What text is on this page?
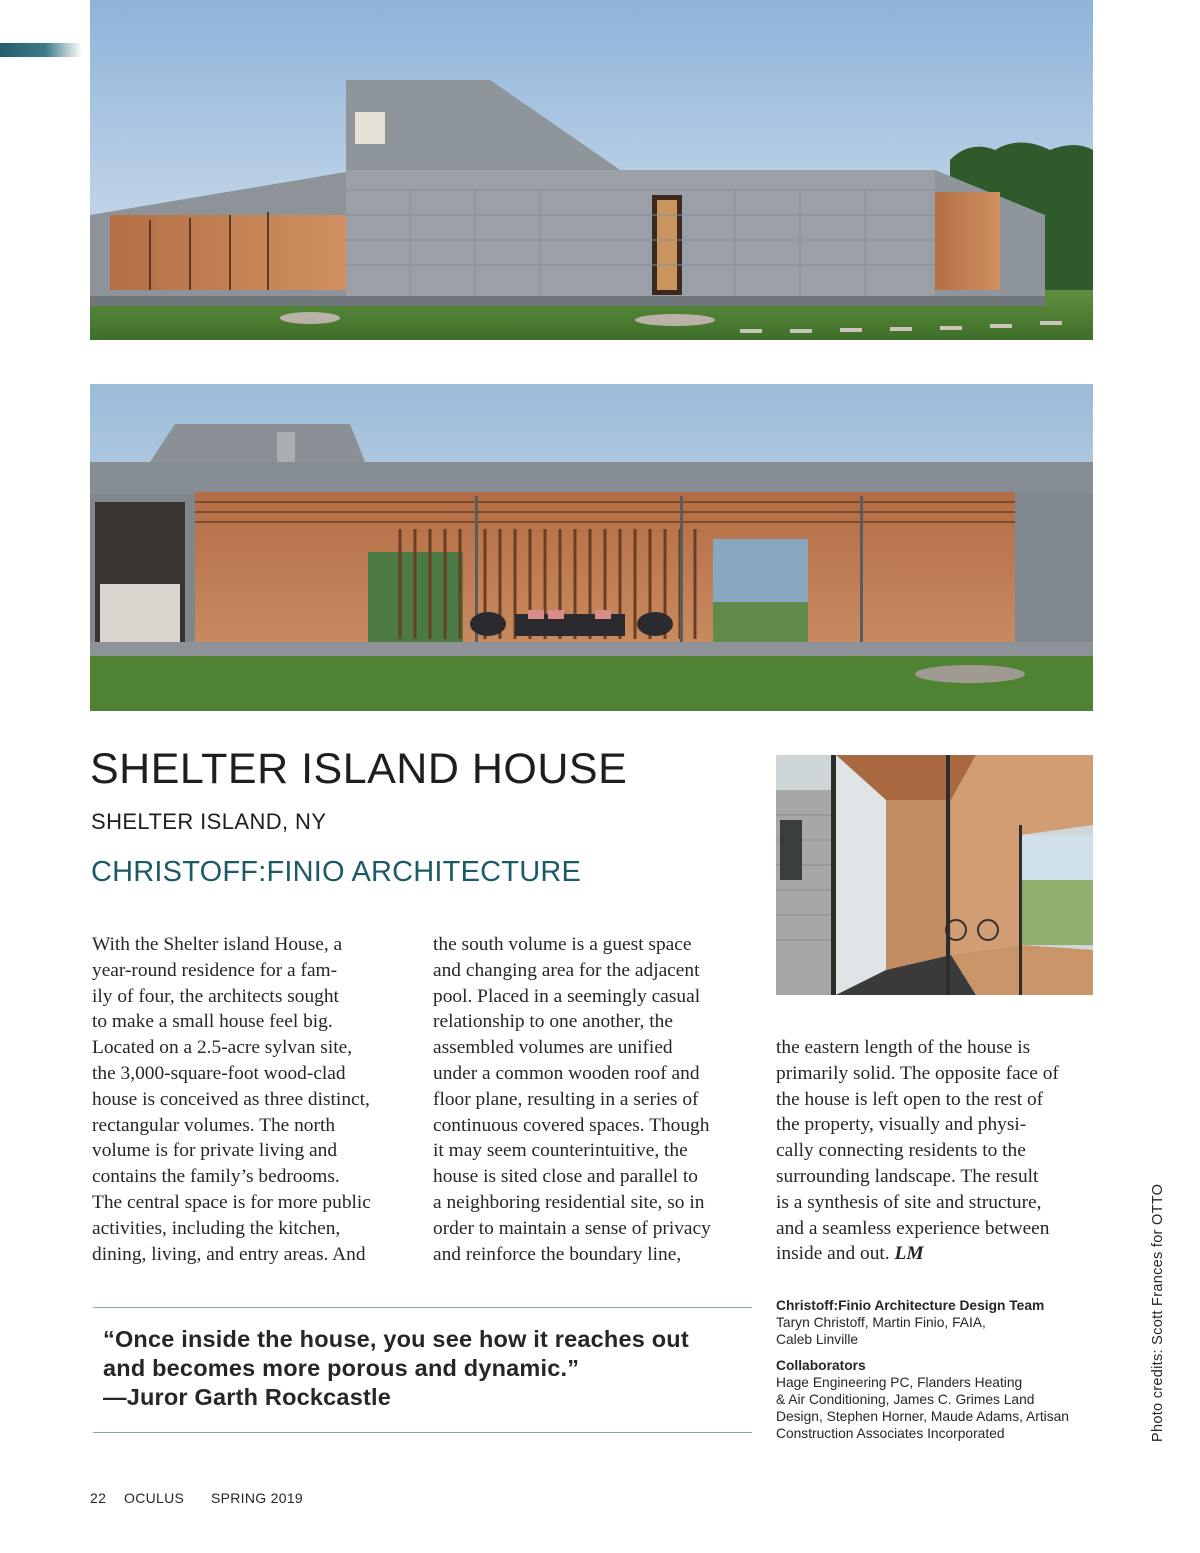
SHELTER ISLAND HOUSE
SHELTER ISLAND, NY
CHRISTOFF:FINIO ARCHITECTURE
With the Shelter island House, a
year-round residence for a fam-
ily of four, the architects sought
to make a small house feel big.
Located on a 2.5-acre sylvan site,
the 3,000-square-foot wood-clad
house is conceived as three distinct,
rectangular volumes. The north
volume is for private living and
contains the family’s bedrooms.
The central space is for more public
activities, including the kitchen,
dining, living, and entry areas. And
the south volume is a guest space
and changing area for the adjacent
pool. Placed in a seemingly casual
relationship to one another, the
assembled volumes are unified
under a common wooden roof and
floor plane, resulting in a series of
continuous covered spaces. Though
it may seem counterintuitive, the
house is sited close and parallel to
a neighboring residential site, so in
order to maintain a sense of privacy
and reinforce the boundary line,
the eastern length of the house is
primarily solid. The opposite face of
the house is left open to the rest of
the property, visually and physi-
cally connecting residents to the
surrounding landscape. The result
is a synthesis of site and structure,
and a seamless experience between
inside and out. LM
“Once inside the house, you see how it reaches out
and becomes more porous and dynamic.”
—Juror Garth Rockcastle
Christoff:Finio Architecture Design Team
Taryn Christoff, Martin Finio, FAIA,
Caleb Linville
Collaborators
Hage Engineering PC, Flanders Heating
& Air Conditioning, James C. Grimes Land
Design, Stephen Horner, Maude Adams, Artisan
Construction Associates Incorporated	Photo credits: Scott Frances for OTTO
22 OCULUS SPRING 2019
